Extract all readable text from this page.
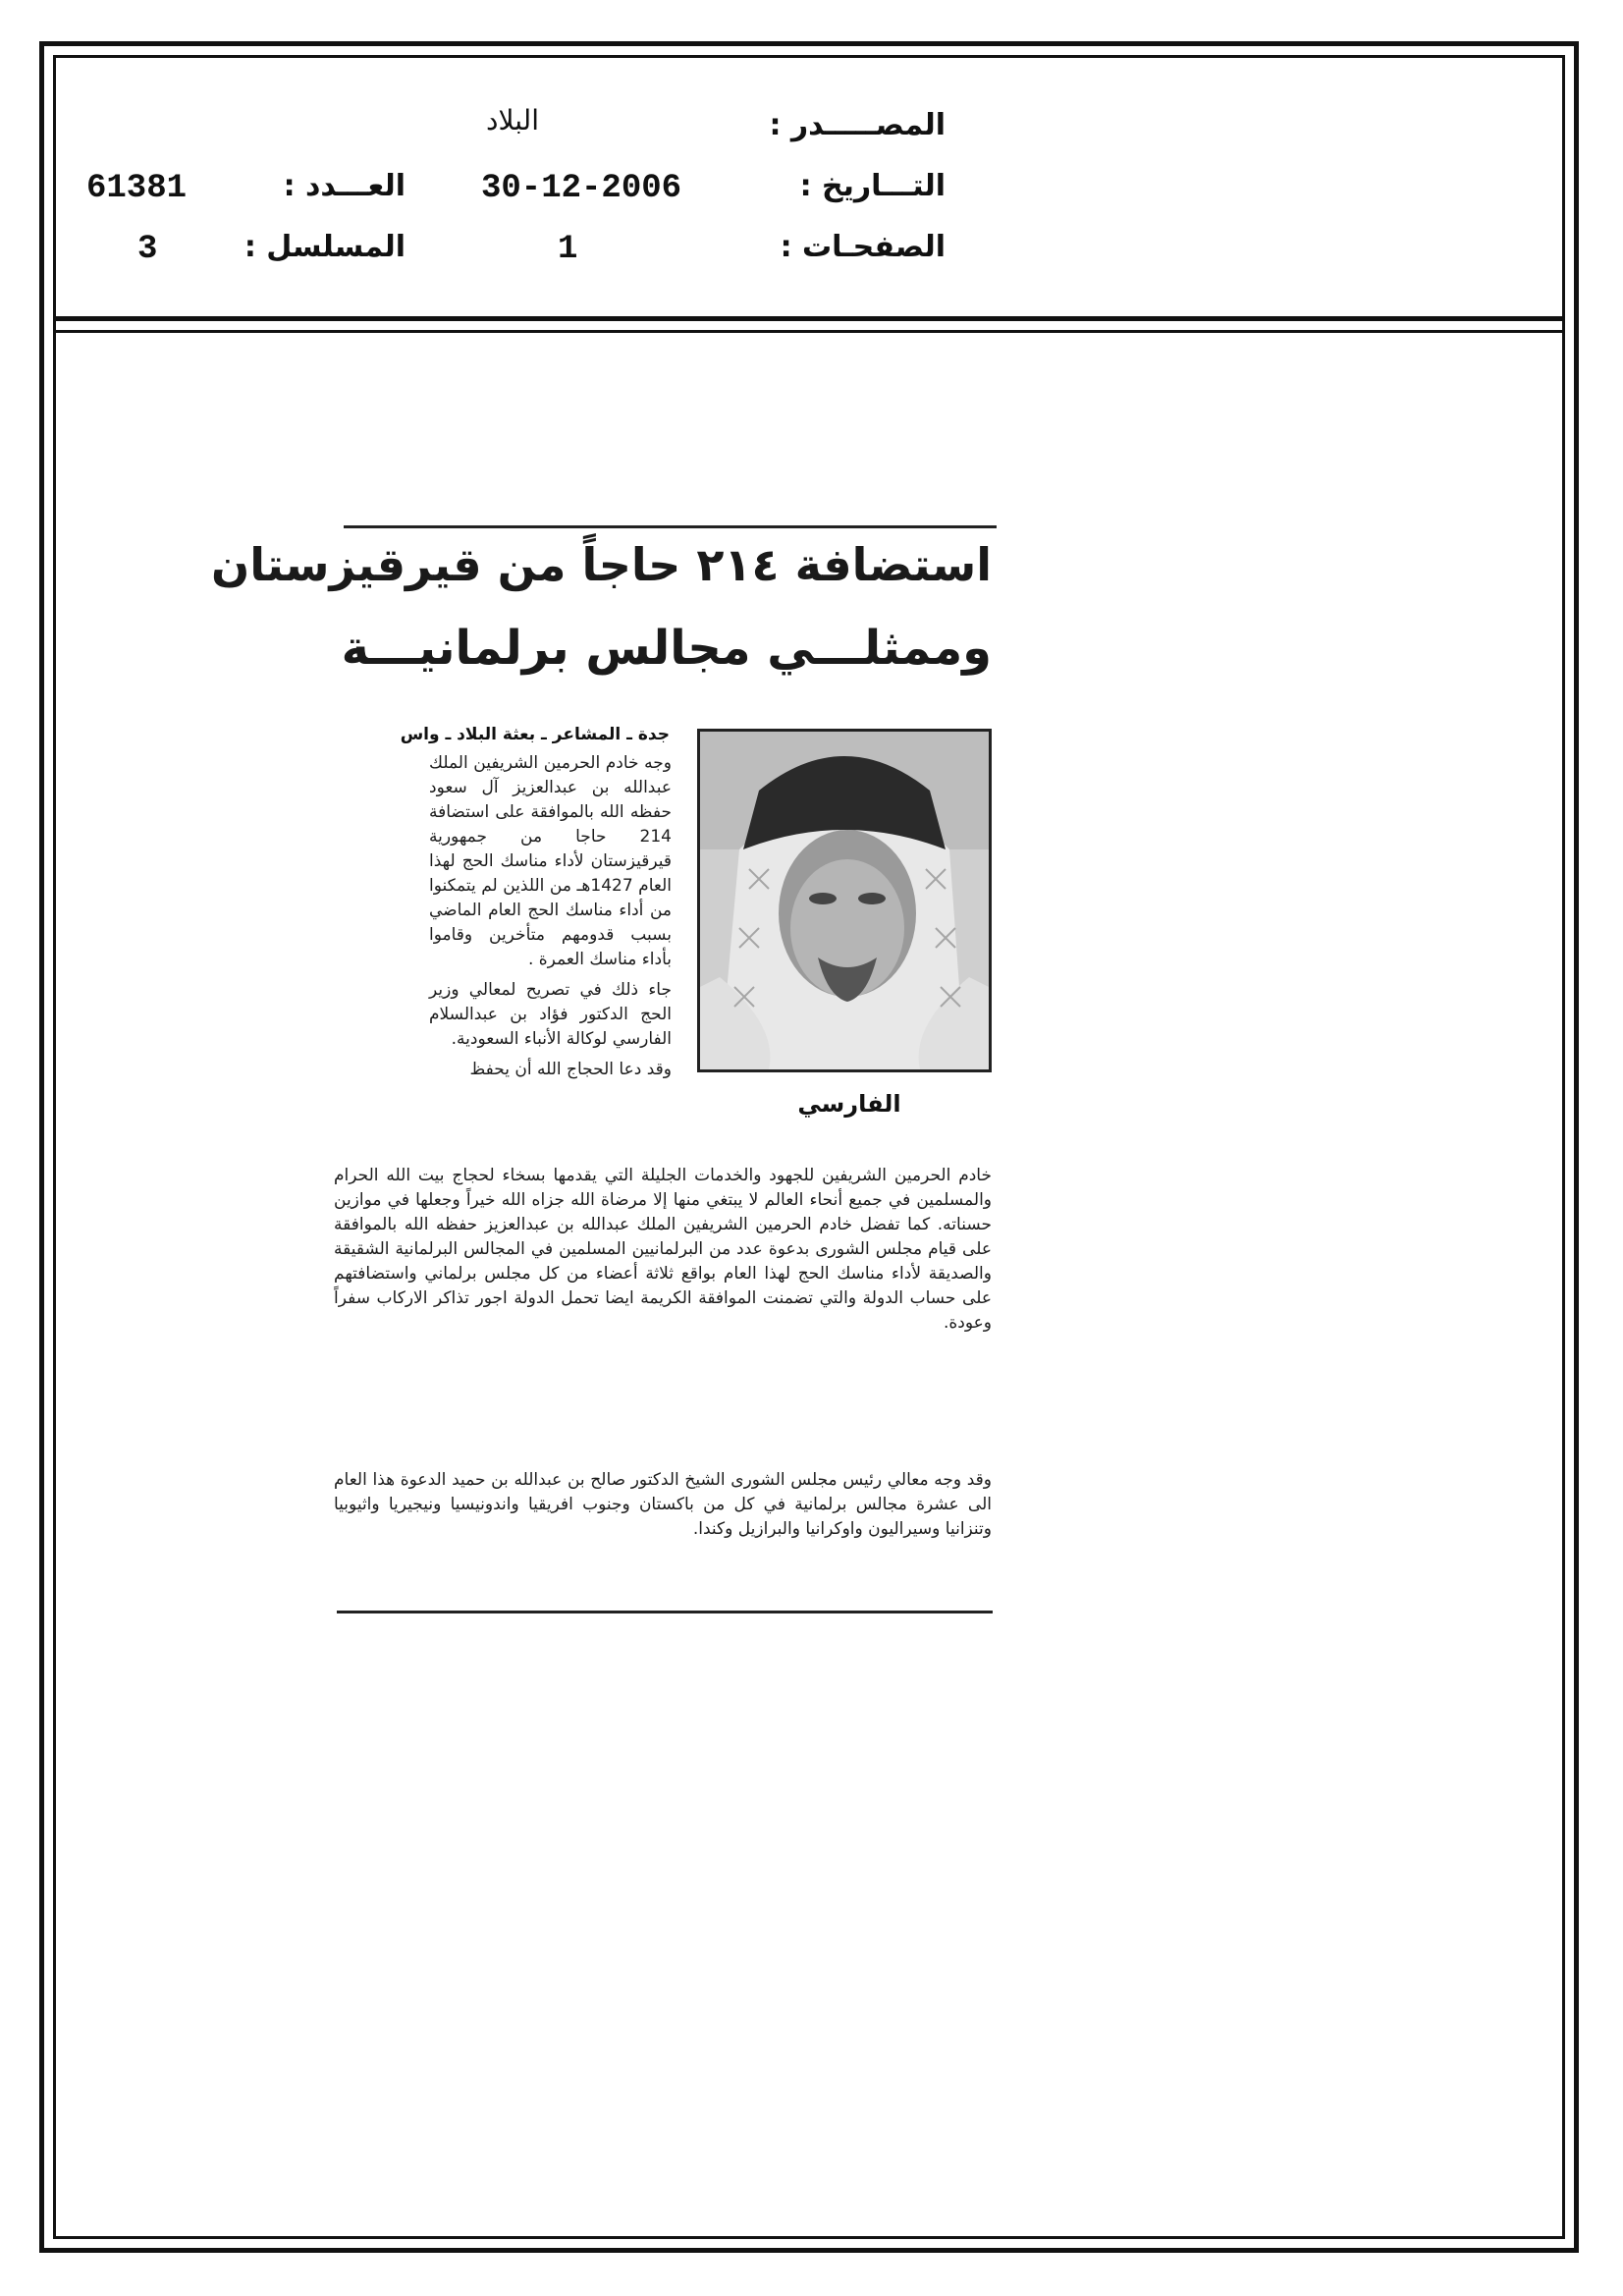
البلاد	المصـــــدر :
30-12-2006	التـــاريخ :
61381	العـــدد :
1	الصفحـات :
3	المسلسل :
استضافة ٢١٤ حاجاً من قيرقيزستان
وممثلـــي مجالس برلمانيـــة
جدة ـ المشاعر ـ بعثة البلاد ـ واس
الفارسي

وجه خادم الحرمين الشريفين الملك عبدالله بن عبدالعزيز آل سعود حفظه الله بالموافقة على استضافة 214 حاجا من جمهورية قيرقيزستان لأداء مناسك الحج لهذا العام 1427هـ من اللذين لم يتمكنوا من أداء مناسك الحج العام الماضي بسبب قدومهم متأخرين وقاموا بأداء مناسك العمرة .

جاء ذلك في تصريح لمعالي وزير الحج الدكتور فؤاد بن عبدالسلام الفارسي لوكالة الأنباء السعودية.

وقد دعا الحجاج الله أن يحفظ

خادم الحرمين الشريفين للجهود والخدمات الجليلة التي يقدمها بسخاء لحجاج بيت الله الحرام والمسلمين في جميع أنحاء العالم لا يبتغي منها إلا مرضاة الله جزاه الله خيراً وجعلها في موازين حسناته. كما تفضل خادم الحرمين الشريفين الملك عبدالله بن عبدالعزيز حفظه الله بالموافقة على قيام مجلس الشورى بدعوة عدد من البرلمانيين المسلمين في المجالس البرلمانية الشقيقة والصديقة لأداء مناسك الحج لهذا العام بواقع ثلاثة أعضاء من كل مجلس برلماني واستضافتهم على حساب الدولة والتي تضمنت الموافقة الكريمة ايضا تحمل الدولة اجور تذاكر الاركاب سفراً وعودة.

وقد وجه معالي رئيس مجلس الشورى الشيخ الدكتور صالح بن عبدالله بن حميد الدعوة هذا العام الى عشرة مجالس برلمانية في كل من باكستان وجنوب افريقيا واندونيسيا ونيجيريا واثيوبيا وتنزانيا وسيراليون واوكرانيا والبرازيل وكندا.
